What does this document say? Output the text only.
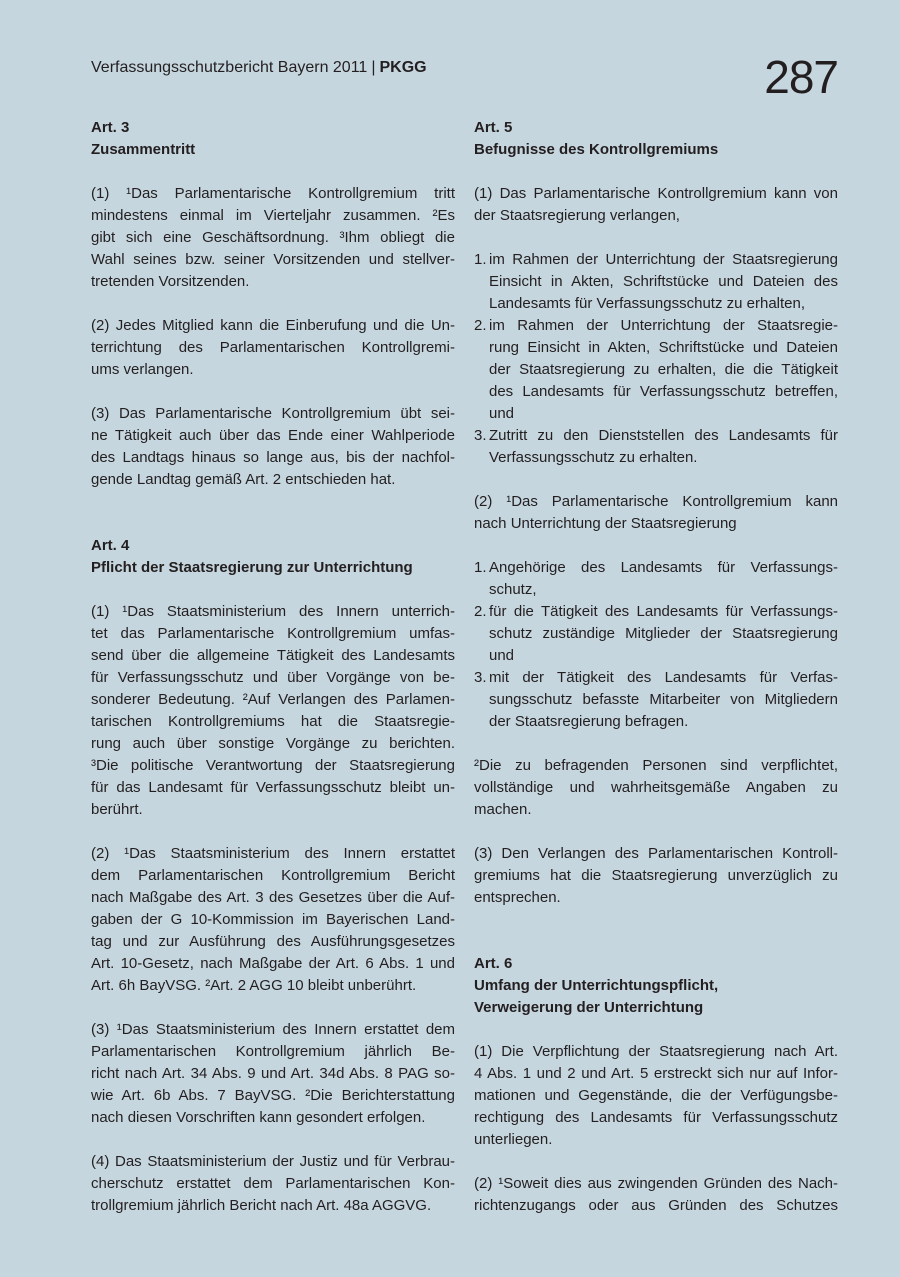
Verfassungsschutzbericht Bayern 2011 | PKGG	287
Art. 3
Zusammentritt
(1) ¹Das Parlamentarische Kontrollgremium tritt
mindestens einmal im Vierteljahr zusammen. ²Es
gibt sich eine Geschäftsordnung. ³Ihm obliegt die
Wahl seines bzw. seiner Vorsitzenden und stellver-
tretenden Vorsitzenden.
(2) Jedes Mitglied kann die Einberufung und die Un-
terrichtung des Parlamentarischen Kontrollgremi-
ums verlangen.
(3) Das Parlamentarische Kontrollgremium übt sei-
ne Tätigkeit auch über das Ende einer Wahlperiode
des Landtags hinaus so lange aus, bis der nachfol-
gende Landtag gemäß Art. 2 entschieden hat.
Art. 4
Pflicht der Staatsregierung zur Unterrichtung
(1) ¹Das Staatsministerium des Innern unterrich-
tet das Parlamentarische Kontrollgremium umfas-
send über die allgemeine Tätigkeit des Landesamts
für Verfassungsschutz und über Vorgänge von be-
sonderer Bedeutung. ²Auf Verlangen des Parlamen-
tarischen Kontrollgremiums hat die Staatsregie-
rung auch über sonstige Vorgänge zu berichten.
³Die politische Verantwortung der Staatsregierung
für das Landesamt für Verfassungsschutz bleibt un-
berührt.
(2) ¹Das Staatsministerium des Innern erstattet
dem Parlamentarischen Kontrollgremium Bericht
nach Maßgabe des Art. 3 des Gesetzes über die Auf-
gaben der G 10-Kommission im Bayerischen Land-
tag und zur Ausführung des Ausführungsgesetzes
Art. 10-Gesetz, nach Maßgabe der Art. 6 Abs. 1 und
Art. 6h BayVSG. ²Art. 2 AGG 10 bleibt unberührt.
(3) ¹Das Staatsministerium des Innern erstattet dem
Parlamentarischen Kontrollgremium jährlich Be-
richt nach Art. 34 Abs. 9 und Art. 34d Abs. 8 PAG so-
wie Art. 6b Abs. 7 BayVSG. ²Die Berichterstattung
nach diesen Vorschriften kann gesondert erfolgen.
(4) Das Staatsministerium der Justiz und für Verbrau-
cherschutz erstattet dem Parlamentarischen Kon-
trollgremium jährlich Bericht nach Art. 48a AGGVG.
Art. 5
Befugnisse des Kontrollgremiums
(1) Das Parlamentarische Kontrollgremium kann von
der Staatsregierung verlangen,
1. im Rahmen der Unterrichtung der Staatsregierung
Einsicht in Akten, Schriftstücke und Dateien des
Landesamts für Verfassungsschutz zu erhalten,
2. im Rahmen der Unterrichtung der Staatsregie-
rung Einsicht in Akten, Schriftstücke und Dateien
der Staatsregierung zu erhalten, die die Tätigkeit
des Landesamts für Verfassungsschutz betreffen,
und
3. Zutritt zu den Dienststellen des Landesamts für
Verfassungsschutz zu erhalten.
(2) ¹Das Parlamentarische Kontrollgremium kann
nach Unterrichtung der Staatsregierung
1. Angehörige des Landesamts für Verfassungs-
schutz,
2. für die Tätigkeit des Landesamts für Verfassungs-
schutz zuständige Mitglieder der Staatsregierung
und
3. mit der Tätigkeit des Landesamts für Verfas-
sungsschutz befasste Mitarbeiter von Mitgliedern
der Staatsregierung befragen.
²Die zu befragenden Personen sind verpflichtet,
vollständige und wahrheitsgemäße Angaben zu
machen.
(3) Den Verlangen des Parlamentarischen Kontroll-
gremiums hat die Staatsregierung unverzüglich zu
entsprechen.
Art. 6
Umfang der Unterrichtungspflicht,
Verweigerung der Unterrichtung
(1) Die Verpflichtung der Staatsregierung nach Art.
4 Abs. 1 und 2 und Art. 5 erstreckt sich nur auf Infor-
mationen und Gegenstände, die der Verfügungsbe-
rechtigung des Landesamts für Verfassungsschutz
unterliegen.
(2) ¹Soweit dies aus zwingenden Gründen des Nach-
richtenzugangs oder aus Gründen des Schutzes
